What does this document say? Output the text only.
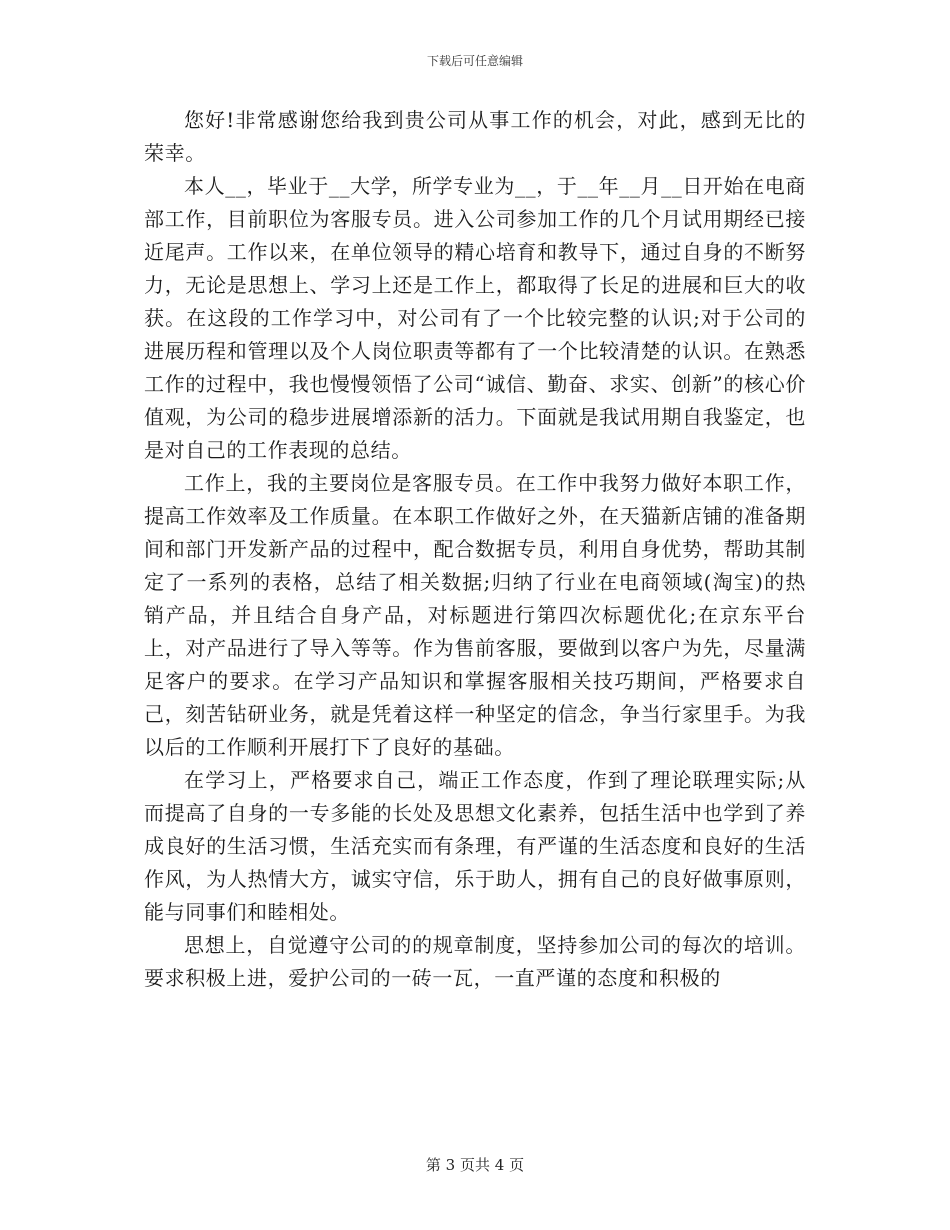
下载后可任意编辑

您好!非常感谢您给我到贵公司从事工作的机会，对此，感到无比的荣幸。

本人__，毕业于__大学，所学专业为__，于__年__月__日开始在电商部工作，目前职位为客服专员。进入公司参加工作的几个月试用期经已接近尾声。工作以来，在单位领导的精心培育和教导下，通过自身的不断努力，无论是思想上、学习上还是工作上，都取得了长足的进展和巨大的收获。在这段的工作学习中，对公司有了一个比较完整的认识;对于公司的进展历程和管理以及个人岗位职责等都有了一个比较清楚的认识。在熟悉工作的过程中，我也慢慢领悟了公司“诚信、勤奋、求实、创新”的核心价值观，为公司的稳步进展增添新的活力。下面就是我试用期自我鉴定，也是对自己的工作表现的总结。

工作上，我的主要岗位是客服专员。在工作中我努力做好本职工作，提高工作效率及工作质量。在本职工作做好之外，在天猫新店铺的准备期间和部门开发新产品的过程中，配合数据专员，利用自身优势，帮助其制定了一系列的表格，总结了相关数据;归纳了行业在电商领域(淘宝)的热销产品，并且结合自身产品，对标题进行第四次标题优化;在京东平台上，对产品进行了导入等等。作为售前客服，要做到以客户为先，尽量满足客户的要求。在学习产品知识和掌握客服相关技巧期间，严格要求自己，刻苦钻研业务，就是凭着这样一种坚定的信念，争当行家里手。为我以后的工作顺利开展打下了良好的基础。

在学习上，严格要求自己，端正工作态度，作到了理论联理实际;从而提高了自身的一专多能的长处及思想文化素养，包括生活中也学到了养成良好的生活习惯，生活充实而有条理，有严谨的生活态度和良好的生活作风，为人热情大方，诚实守信，乐于助人，拥有自己的良好做事原则，能与同事们和睦相处。

思想上，自觉遵守公司的的规章制度，坚持参加公司的每次的培训。要求积极上进，爱护公司的一砖一瓦，一直严谨的态度和积极的

第 3 页共 4 页
